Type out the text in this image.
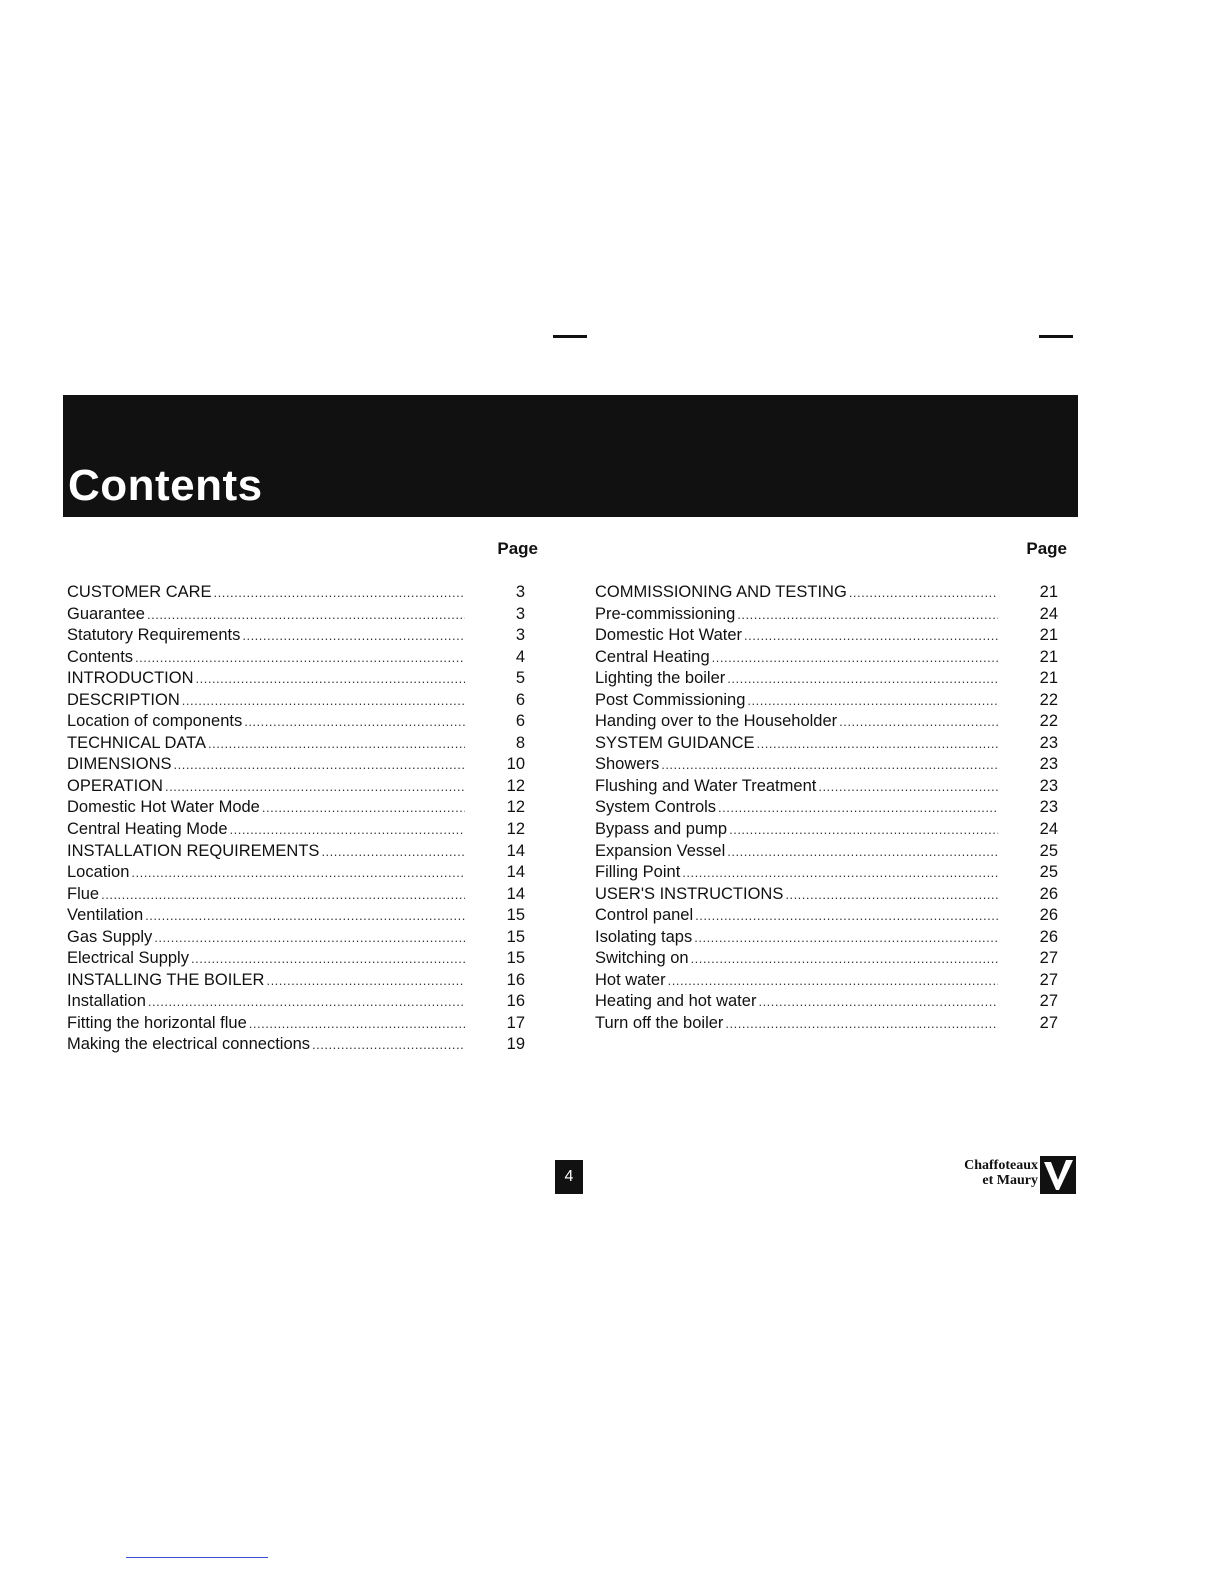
Contents
Page	Page
CUSTOMER CARE .....	3
Guarantee .....	3
Statutory Requirements .....	3
Contents .....	4
INTRODUCTION .....	5
DESCRIPTION .....	6
Location of components .....	6
TECHNICAL DATA .....	8
DIMENSIONS .....	10
OPERATION .....	12
Domestic Hot Water Mode .....	12
Central Heating Mode .....	12
INSTALLATION REQUIREMENTS .....	14
Location .....	14
Flue .....	14
Ventilation .....	15
Gas Supply .....	15
Electrical Supply .....	15
INSTALLING THE BOILER .....	16
Installation .....	16
Fitting the horizontal flue .....	17
Making the electrical connections .....	19
COMMISSIONING AND TESTING .....	21
Pre-commissioning .....	24
Domestic Hot Water .....	21
Central Heating .....	21
Lighting the boiler .....	21
Post Commissioning .....	22
Handing over to the Householder .....	22
SYSTEM GUIDANCE .....	23
Showers .....	23
Flushing and Water Treatment .....	23
System Controls .....	23
Bypass and pump .....	24
Expansion Vessel .....	25
Filling Point .....	25
USER'S INSTRUCTIONS .....	26
Control panel .....	26
Isolating taps .....	26
Switching on .....	27
Hot water .....	27
Heating and hot water .....	27
Turn off the boiler .....	27
4
Chaffoteaux
et Maury
